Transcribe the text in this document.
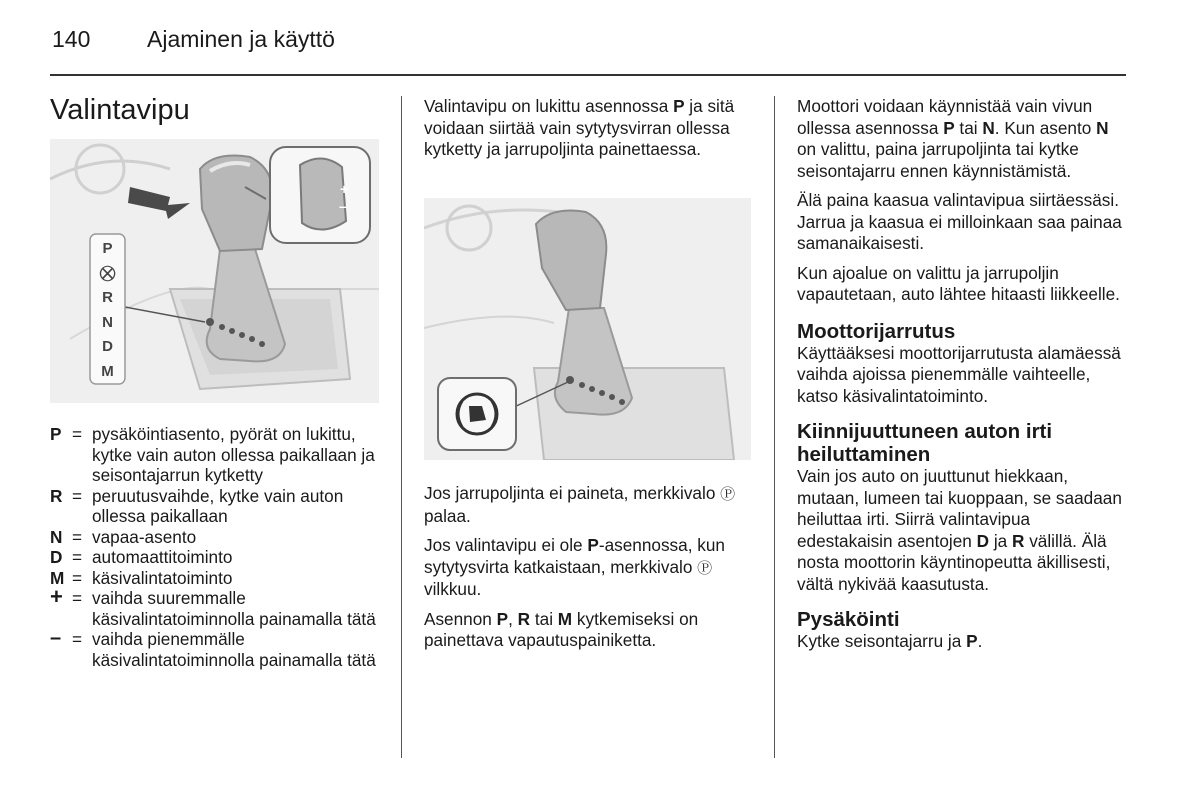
140 Ajaminen ja käyttö
Valintavipu
+
–
P
⛒
R
N
D
M
P = pysäköintiasento, pyörät on lukittu, kytke vain auton ollessa paikallaan ja seisontajarrun kytketty
R = peruutusvaihde, kytke vain auton ollessa paikallaan
N = vapaa-asento
D = automaattitoiminto
M = käsivalintatoiminto
+ = vaihda suuremmalle käsivalintatoiminnolla painamalla tätä
– = vaihda pienemmälle käsivalintatoiminnolla painamalla tätä

Valintavipu on lukittu asennossa P ja sitä voidaan siirtää vain sytytysvirran ollessa kytketty ja jarrupoljinta painettaessa.

Jos jarrupoljinta ei paineta, merkkivalo Ⓟ palaa.

Jos valintavipu ei ole P-asennossa, kun sytytysvirta katkaistaan, merkkivalo Ⓟ vilkkuu.

Asennon P, R tai M kytkemiseksi on painettava vapautuspainiketta.

Moottori voidaan käynnistää vain vivun ollessa asennossa P tai N. Kun asento N on valittu, paina jarrupoljinta tai kytke seisontajarru ennen käynnistämistä.

Älä paina kaasua valintavipua siirtäessäsi. Jarrua ja kaasua ei milloinkaan saa painaa samanaikaisesti.

Kun ajoalue on valittu ja jarrupoljin vapautetaan, auto lähtee hitaasti liikkeelle.

Moottorijarrutus

Käyttääksesi moottorijarrutusta alamäessä vaihda ajoissa pienemmälle vaihteelle, katso käsivalintatoiminto.

Kiinnijuuttuneen auton irti heiluttaminen

Vain jos auto on juuttunut hiekkaan, mutaan, lumeen tai kuoppaan, se saadaan heiluttaa irti. Siirrä valintavipua edestakaisin asentojen D ja R välillä. Älä nosta moottorin käyntinopeutta äkillisesti, vältä nykivää kaasutusta.

Pysäköinti

Kytke seisontajarru ja P.
